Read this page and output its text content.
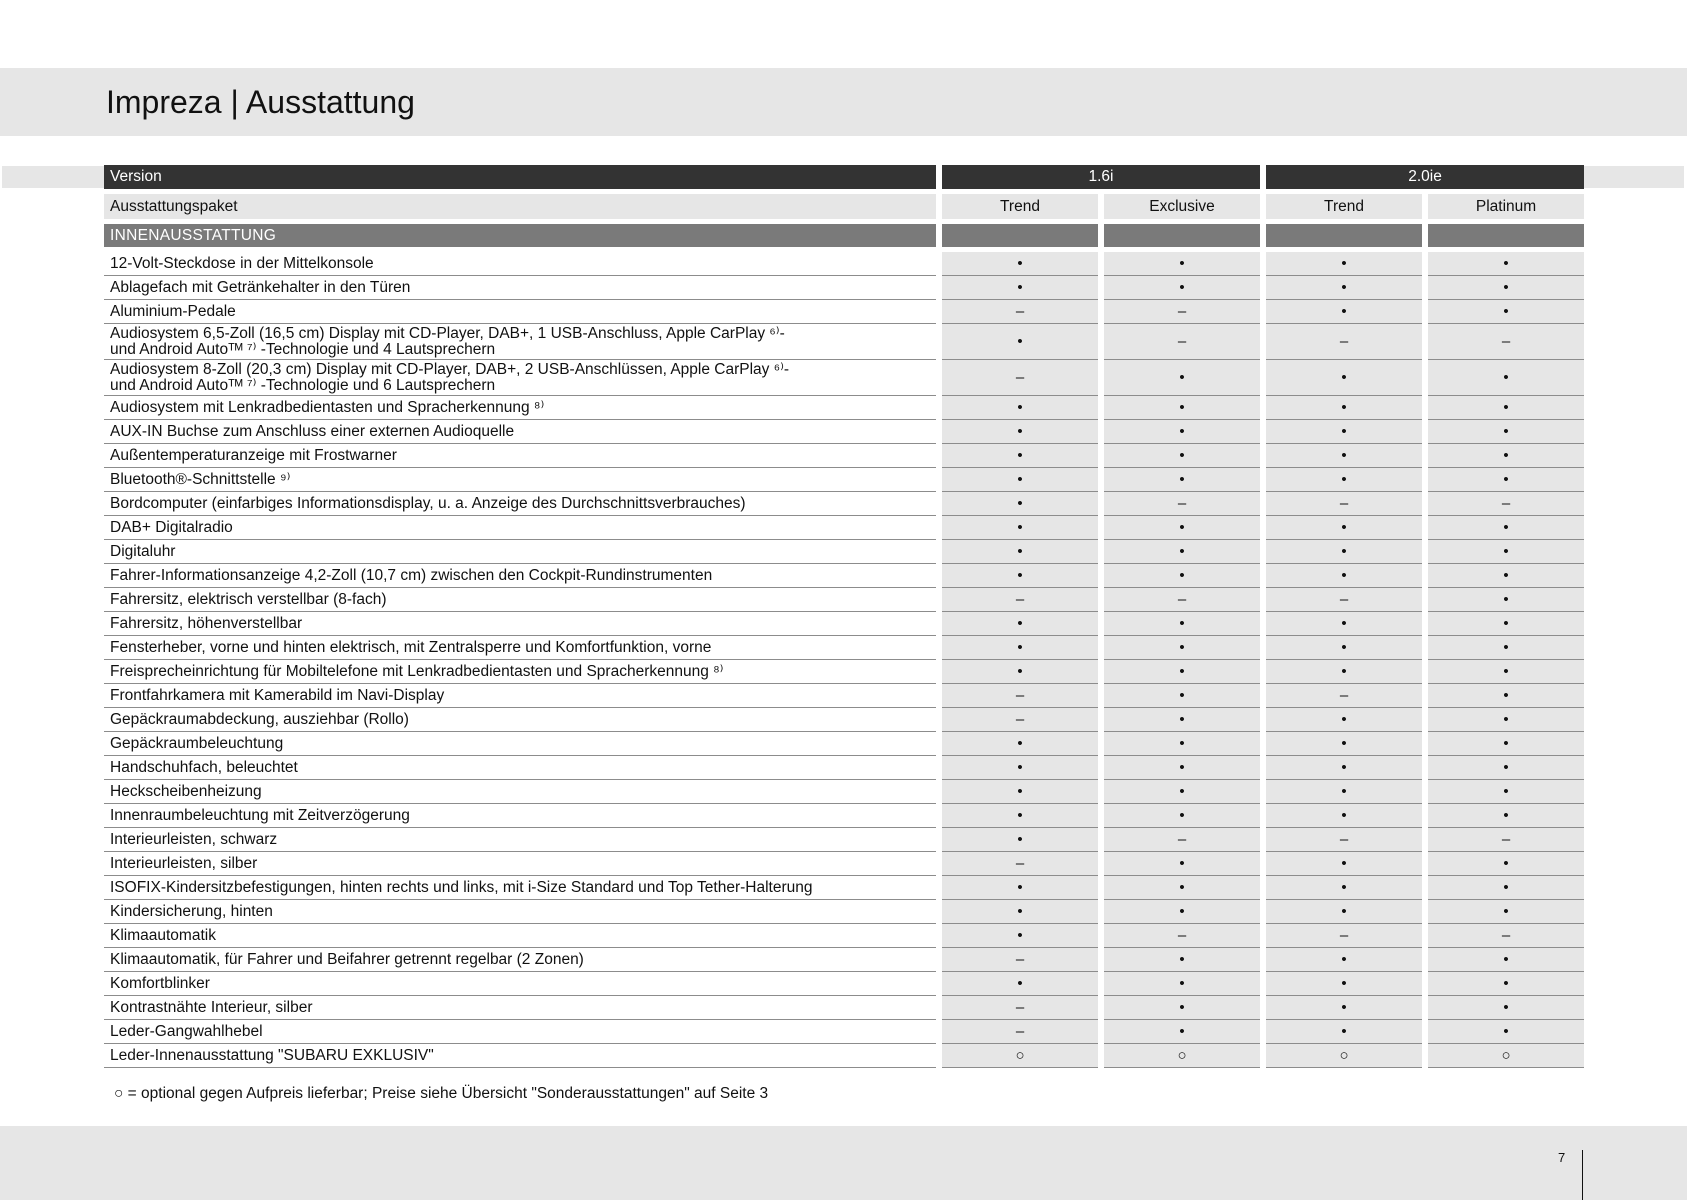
Impreza | Ausstattung
Version		1.6i				2.0ie		

Ausstattungspaket		Trend		Exclusive		Trend		Platinum

INNENAUSSTATTUNG								

12-Volt-Steckdose in der Mittelkonsole		•		•		•		•
Ablagefach mit Getränkehalter in den Türen		•		•		•		•
Aluminium-Pedale		–		–		•		•
Audiosystem 6,5-Zoll (16,5 cm) Display mit CD-Player, DAB+, 1 USB-Anschluss, Apple CarPlay ⁶⁾-
und Android Autoᵀᴹ ⁷⁾ -Technologie und 4 Lautsprechern		•		–		–		–
Audiosystem 8-Zoll (20,3 cm) Display mit CD-Player, DAB+, 2 USB-Anschlüssen, Apple CarPlay ⁶⁾-
und Android Autoᵀᴹ ⁷⁾ -Technologie und 6 Lautsprechern		–		•		•		•
Audiosystem mit Lenkradbedientasten und Spracherkennung ⁸⁾		•		•		•		•
AUX-IN Buchse zum Anschluss einer externen Audioquelle		•		•		•		•
Außentemperaturanzeige mit Frostwarner		•		•		•		•
Bluetooth®-Schnittstelle ⁹⁾		•		•		•		•
Bordcomputer (einfarbiges Informationsdisplay, u. a. Anzeige des Durchschnittsverbrauches)		•		–		–		–
DAB+ Digitalradio		•		•		•		•
Digitaluhr		•		•		•		•
Fahrer-Informationsanzeige 4,2-Zoll (10,7 cm) zwischen den Cockpit-Rundinstrumenten		•		•		•		•
Fahrersitz, elektrisch verstellbar (8-fach)		–		–		–		•
Fahrersitz, höhenverstellbar		•		•		•		•
Fensterheber, vorne und hinten elektrisch, mit Zentralsperre und Komfortfunktion, vorne		•		•		•		•
Freisprecheinrichtung für Mobiltelefone mit Lenkradbedientasten und Spracherkennung ⁸⁾		•		•		•		•
Frontfahrkamera mit Kamerabild im Navi-Display		–		•		–		•
Gepäckraumabdeckung, ausziehbar (Rollo)		–		•		•		•
Gepäckraumbeleuchtung		•		•		•		•
Handschuhfach, beleuchtet		•		•		•		•
Heckscheibenheizung		•		•		•		•
Innenraumbeleuchtung mit Zeitverzögerung		•		•		•		•
Interieurleisten, schwarz		•		–		–		–
Interieurleisten, silber		–		•		•		•
ISOFIX-Kindersitzbefestigungen, hinten rechts und links, mit i-Size Standard und Top Tether-Halterung		•		•		•		•
Kindersicherung, hinten		•		•		•		•
Klimaautomatik		•		–		–		–
Klimaautomatik, für Fahrer und Beifahrer getrennt regelbar (2 Zonen)		–		•		•		•
Komfortblinker		•		•		•		•
Kontrastnähte Interieur, silber		–		•		•		•
Leder-Gangwahlhebel		–		•		•		•
Leder-Innenausstattung "SUBARU EXKLUSIV"		○		○		○		○

○ = optional gegen Aufpreis lieferbar; Preise siehe Übersicht "Sonderausstattungen" auf Seite 3

7
